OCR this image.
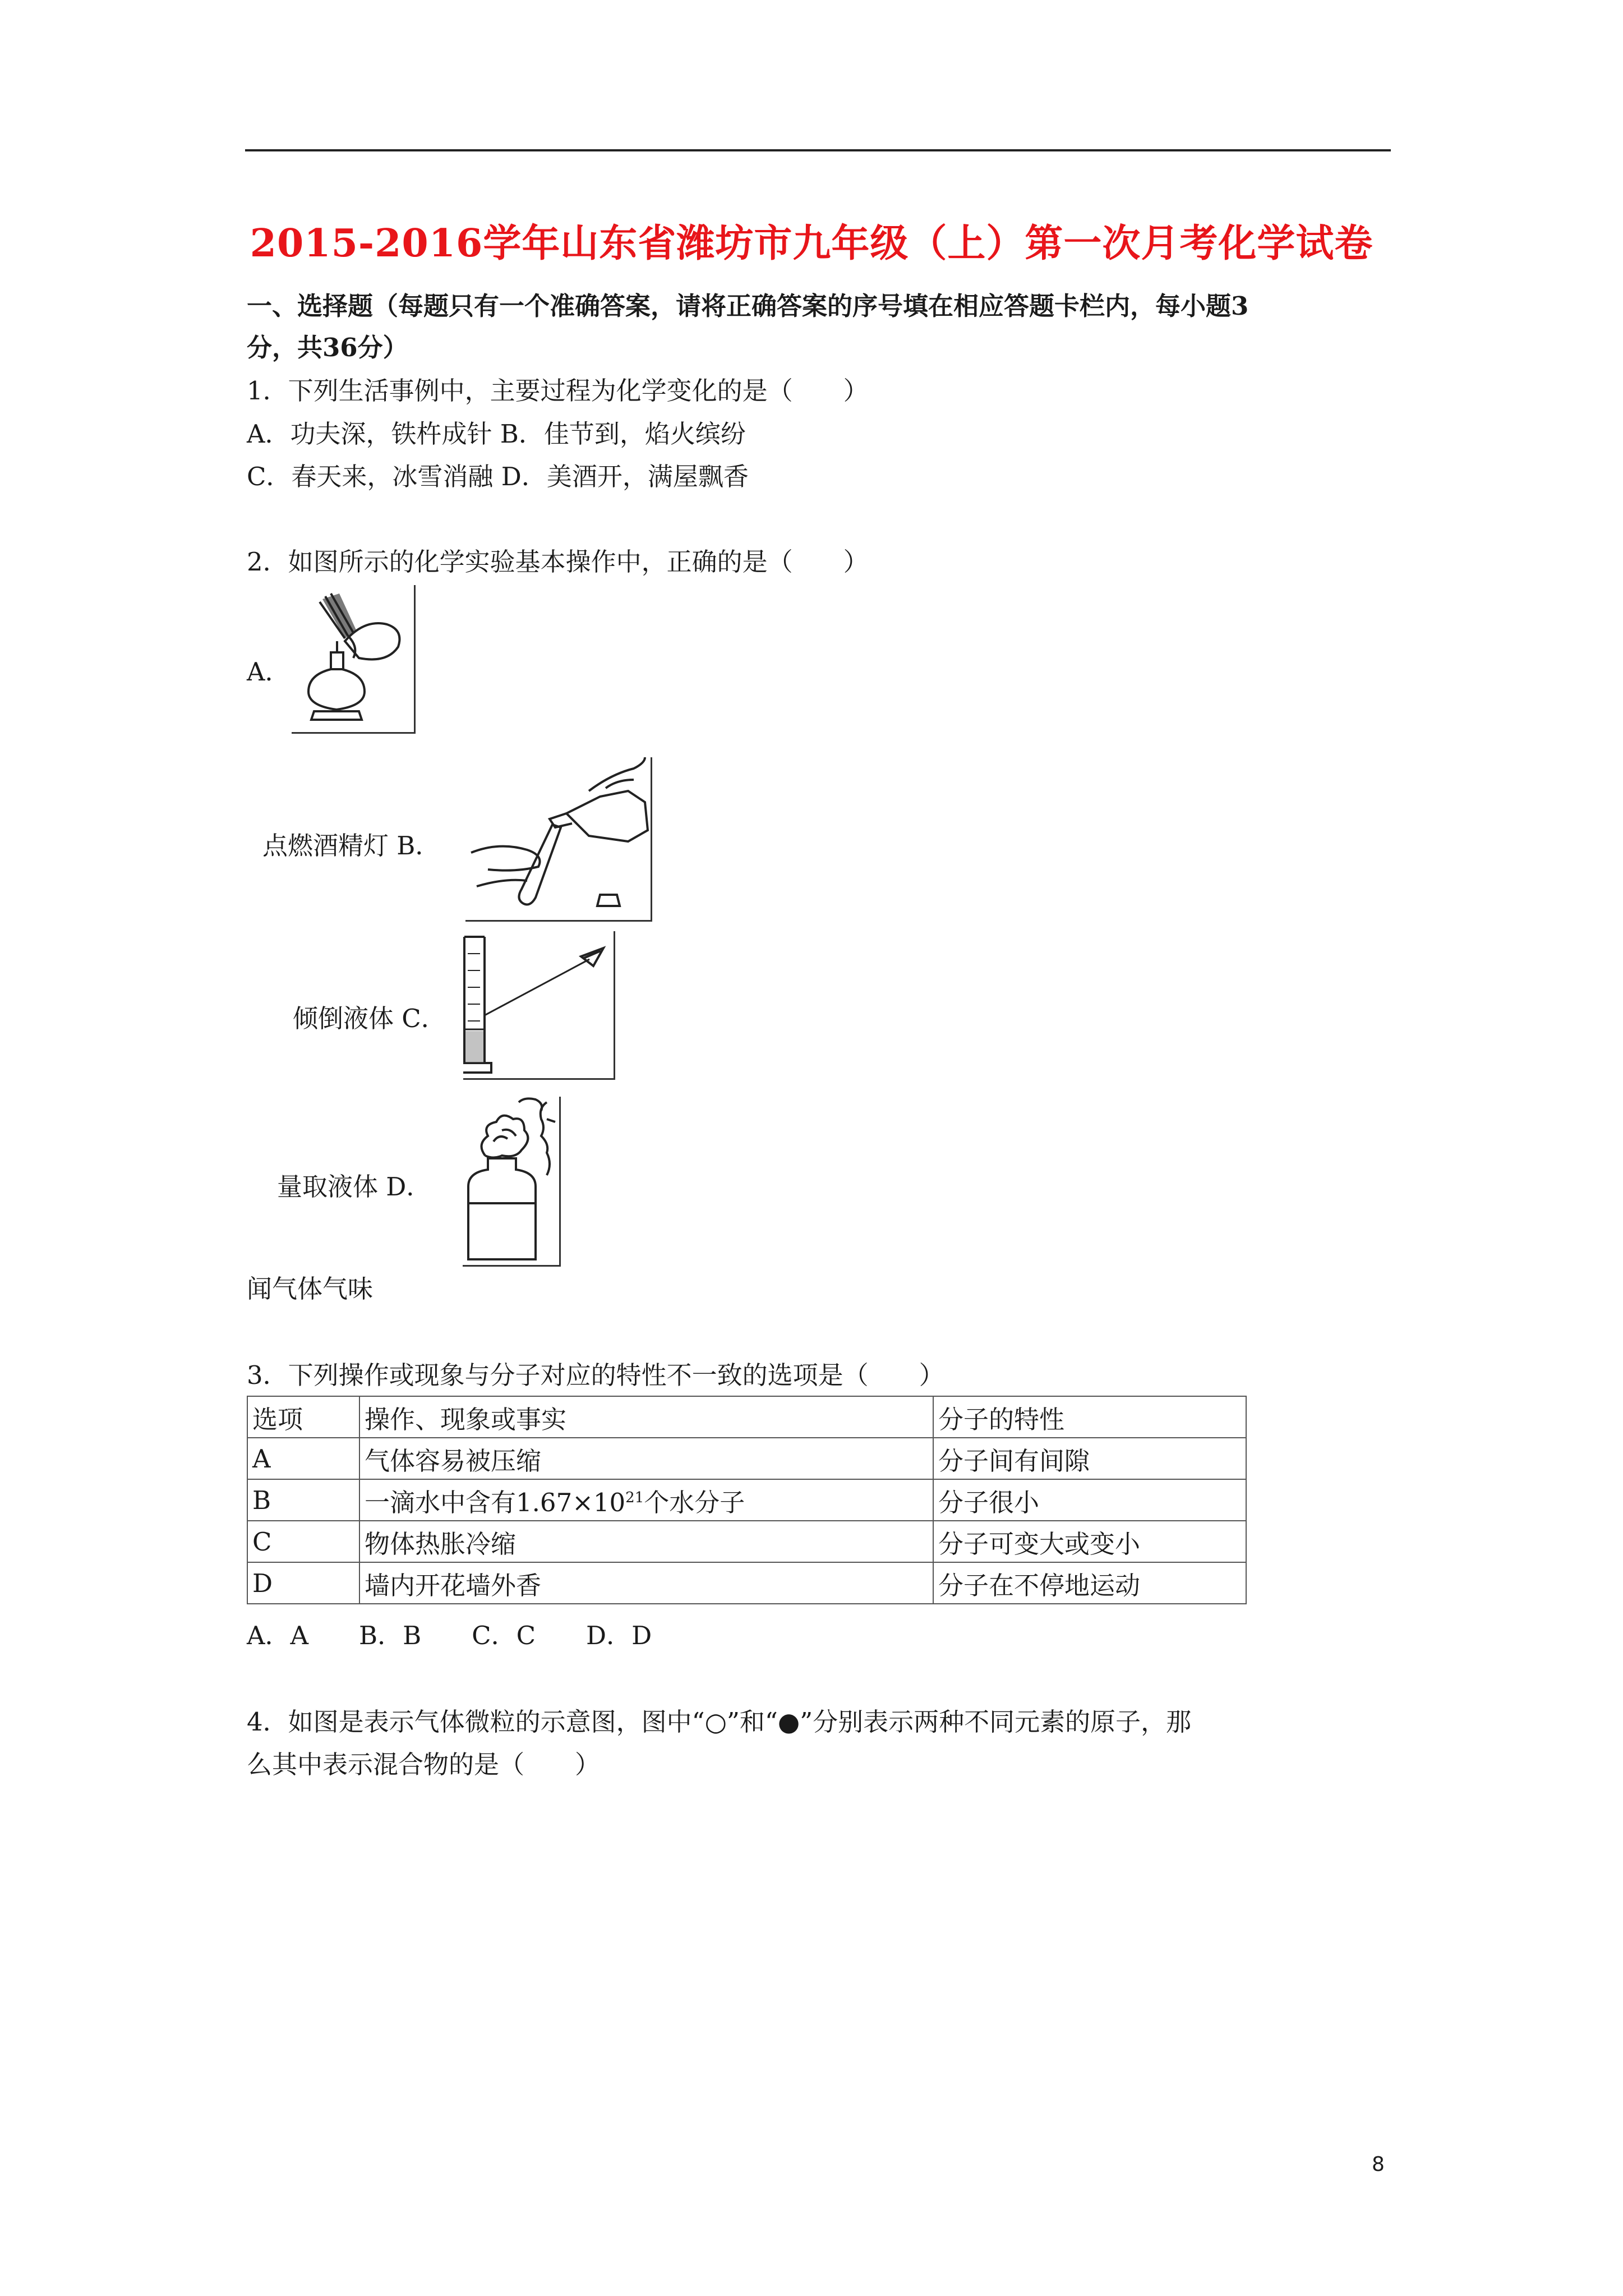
2015-2016学年山东省潍坊市九年级（上）第一次月考化学试卷
一、选择题（每题只有一个准确答案，请将正确答案的序号填在相应答题卡栏内，每小题3
分，共36分）
1．下列生活事例中，主要过程为化学变化的是（　　）
A．功夫深，铁杵成针 B．佳节到，焰火缤纷
C．春天来，冰雪消融 D．美酒开，满屋飘香
2．如图所示的化学实验基本操作中，正确的是（　　）
A．
点燃酒精灯 B．
倾倒液体 C．
量取液体 D．
闻气体气味
3．下列操作或现象与分子对应的特性不一致的选项是（　　）
选项	操作、现象或事实	分子的特性
A	气体容易被压缩	分子间有间隙
B	一滴水中含有$1.67\times 10^{21}$个水分子	分子很小
C	物体热胀冷缩	分子可变大或变小
D	墙内开花墙外香	分子在不停地运动
A．A　　B．B　　C．C　　D．D
4．如图是表示气体微粒的示意图，图中“○”和“●”分别表示两种不同元素的原子，那
么其中表示混合物的是（　　）
8
